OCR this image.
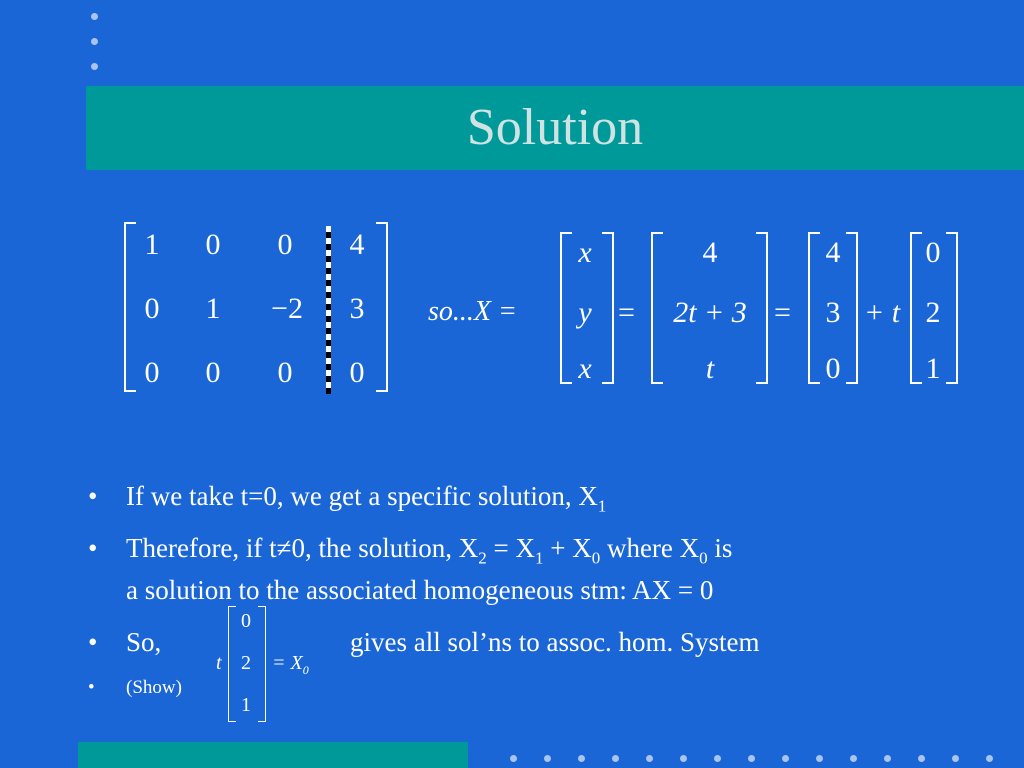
Solution
1	0	0	4
0	1	−2	3
0	0	0	0
so...X =
x
y
x
=
4
2t + 3
t
=
4
3
0
+ t
0
2
1
• If we take t=0, we get a specific solution, $X_1$
• Therefore, if t≠0, the solution, $X_2 = X_1 + X_0$ where $X_0$ is
a solution to the associated homogeneous stm: AX = 0
• So,	gives all sol’ns to assoc. hom. System
• (Show)
t
0
2
1
= $X_0$
